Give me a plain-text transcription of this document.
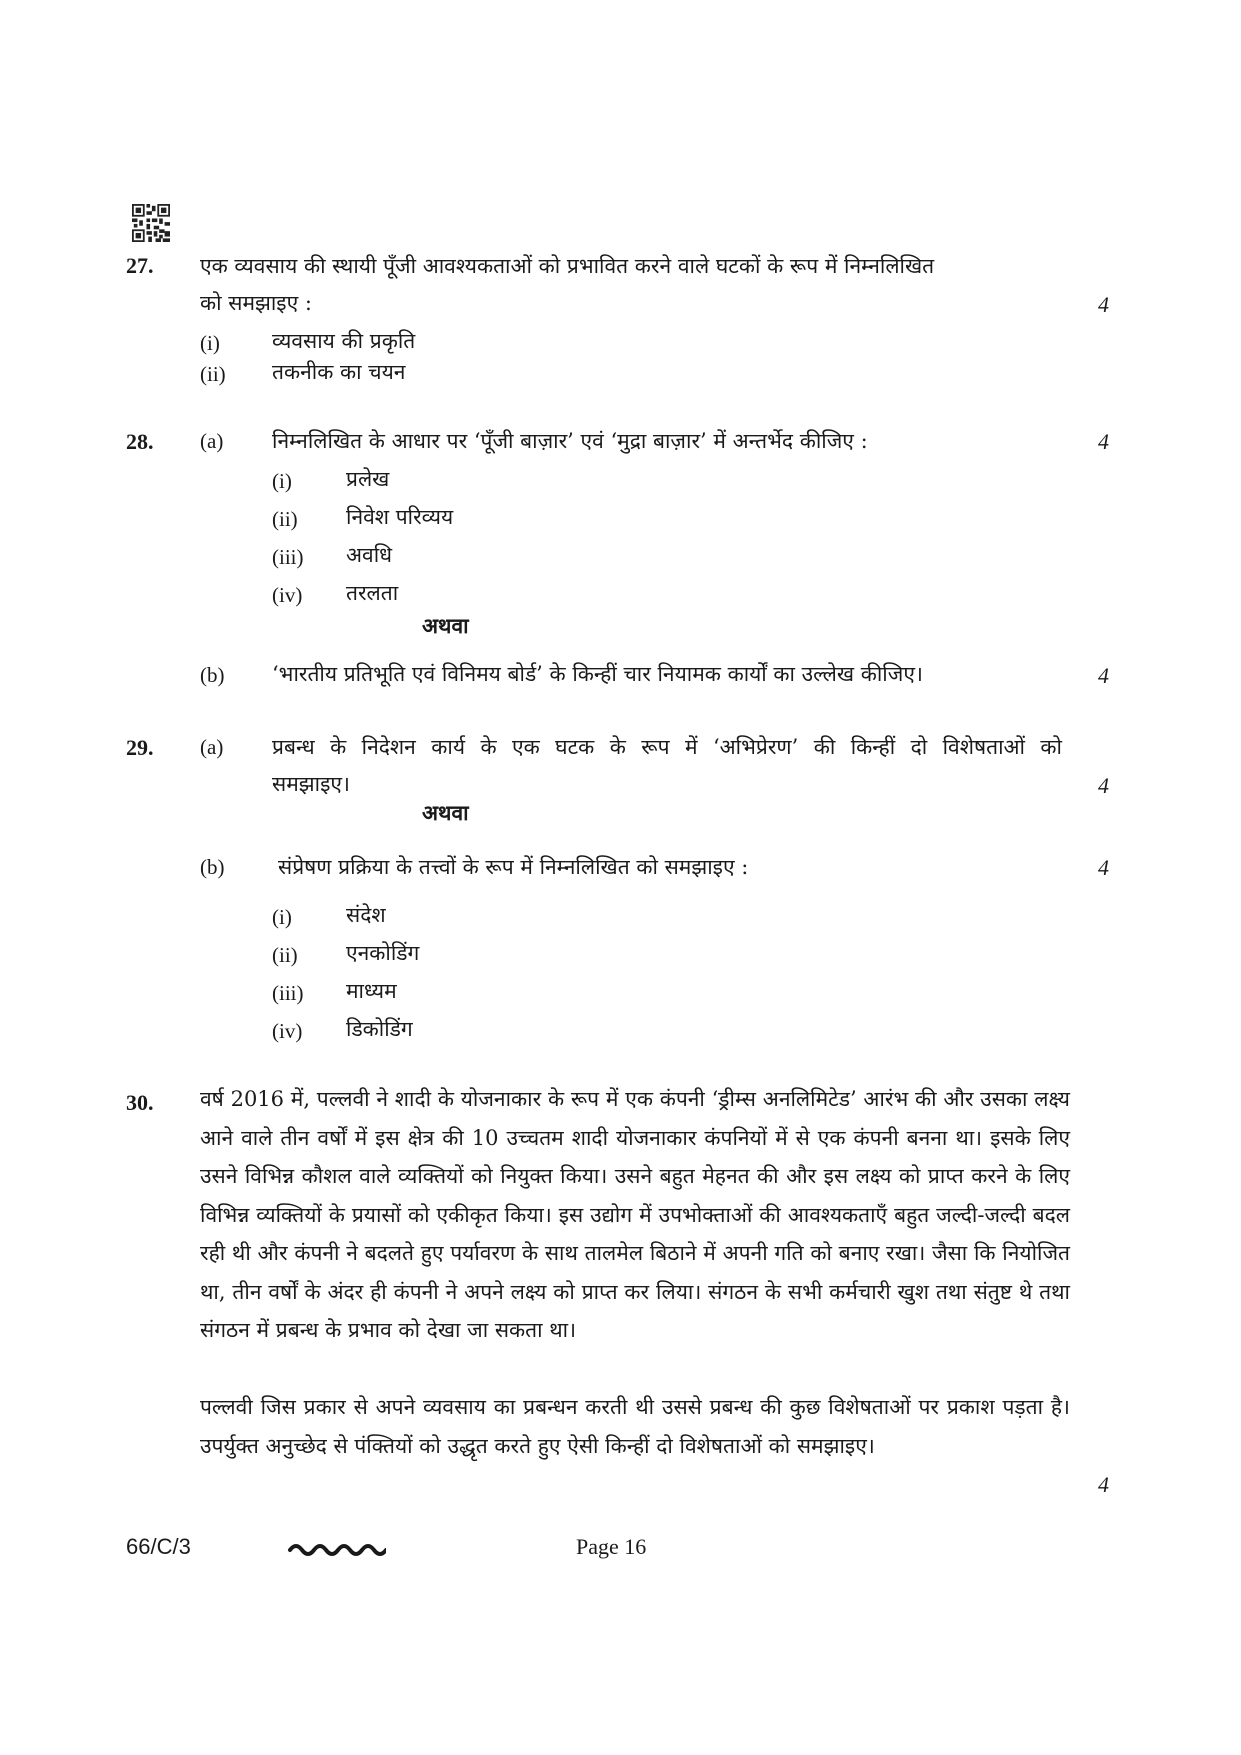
27. एक व्यवसाय की स्थायी पूँजी आवश्यकताओं को प्रभावित करने वाले घटकों के रूप में निम्नलिखित
को समझाइए :	4
(i) व्यवसाय की प्रकृति
(ii) तकनीक का चयन
28. (a) निम्नलिखित के आधार पर ‘पूँजी बाज़ार’ एवं ‘मुद्रा बाज़ार’ में अन्तर्भेद कीजिए :	4
(i)	प्रलेख
(ii) निवेश परिव्यय
(iii) अवधि
(iv) तरलता
अथवा
(b) ‘भारतीय प्रतिभूति एवं विनिमय बोर्ड’ के किन्हीं चार नियामक कार्यों का उल्लेख कीजिए।	4
29. (a) प्रबन्ध के निदेशन कार्य के एक घटक के रूप में ‘अभिप्रेरण’ की किन्हीं दो विशेषताओं को
समझाइए।	4
अथवा
(b)	संप्रेषण प्रक्रिया के तत्त्वों के रूप में निम्नलिखित को समझाइए :	4
(i)	संदेश
(ii) एनकोडिंग
(iii) माध्यम
(iv) डिकोडिंग
30. वर्ष 2016 में, पल्लवी ने शादी के योजनाकार के रूप में एक कंपनी ‘ड्रीम्स अनलिमिटेड’ आरंभ की और उसका लक्ष्य आने वाले तीन वर्षों में इस क्षेत्र की 10 उच्चतम शादी योजनाकार कंपनियों में से एक कंपनी बनना था। इसके लिए उसने विभिन्न कौशल वाले व्यक्तियों को नियुक्त किया। उसने बहुत मेहनत की और इस लक्ष्य को प्राप्त करने के लिए विभिन्न व्यक्तियों के प्रयासों को एकीकृत किया। इस उद्योग में उपभोक्ताओं की आवश्यकताएँ बहुत जल्दी-जल्दी बदल रही थी और कंपनी ने बदलते हुए पर्यावरण के साथ तालमेल बिठाने में अपनी गति को बनाए रखा। जैसा कि नियोजित था, तीन वर्षों के अंदर ही कंपनी ने अपने लक्ष्य को प्राप्त कर लिया। संगठन के सभी कर्मचारी खुश तथा संतुष्ट थे तथा संगठन में प्रबन्ध के प्रभाव को देखा जा सकता था।
पल्लवी जिस प्रकार से अपने व्यवसाय का प्रबन्धन करती थी उससे प्रबन्ध की कुछ विशेषताओं पर प्रकाश पड़ता है। उपर्युक्त अनुच्छेद से पंक्तियों को उद्धृत करते हुए ऐसी किन्हीं दो विशेषताओं को समझाइए।
4
66/C/3	Page 16
